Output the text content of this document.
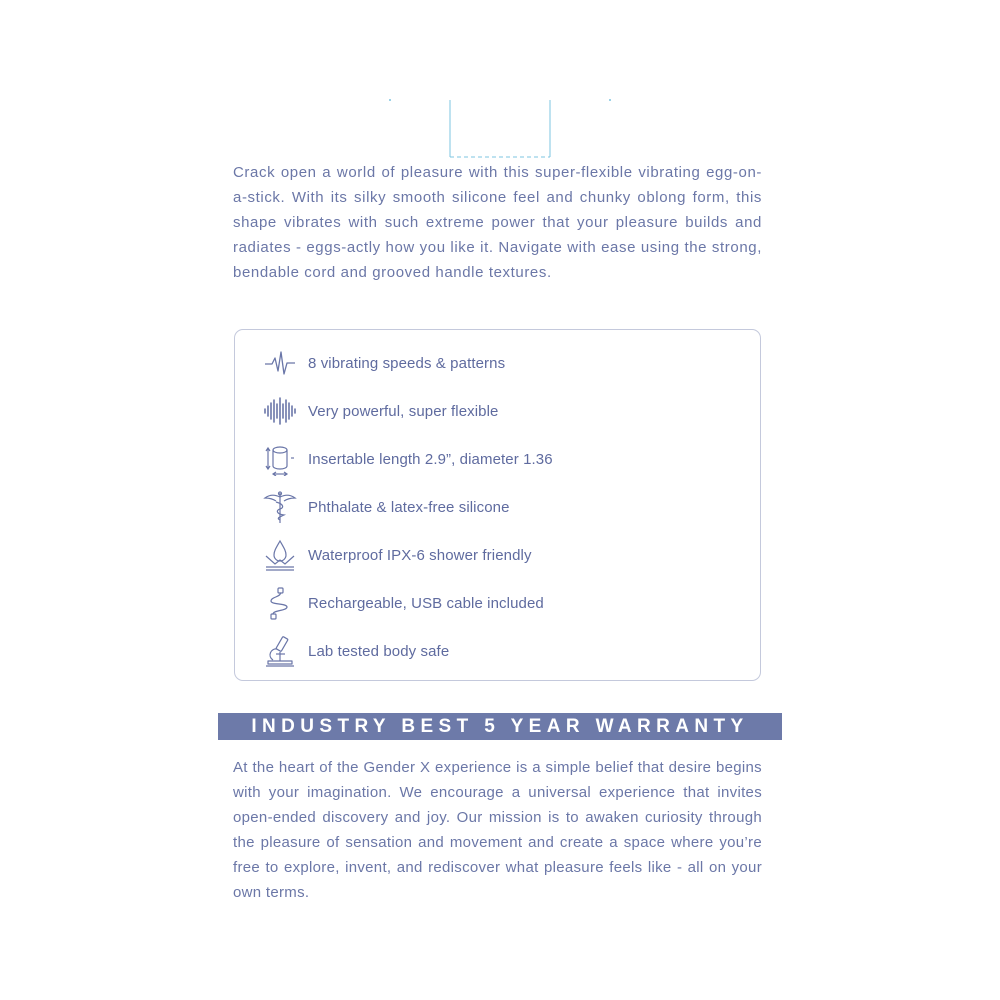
Crack open a world of pleasure with this super-flexible vibrating egg-on-a-stick. With its silky smooth silicone feel and chunky oblong form, this shape vibrates with such extreme power that your pleasure builds and radiates - eggs-actly how you like it. Navigate with ease using the strong, bendable cord and grooved handle textures.

8 vibrating speeds & patterns
Very powerful, super flexible
Insertable length 2.9”, diameter 1.36
Phthalate & latex-free silicone
Waterproof IPX-6 shower friendly
Rechargeable, USB cable included
Lab tested body safe
INDUSTRY BEST 5 YEAR WARRANTY

At the heart of the Gender X experience is a simple belief that desire begins with your imagination. We encourage a universal experience that invites open-ended discovery and joy. Our mission is to awaken curiosity through the pleasure of sensation and movement and create a space where you’re free to explore, invent, and rediscover what pleasure feels like - all on your own terms.
